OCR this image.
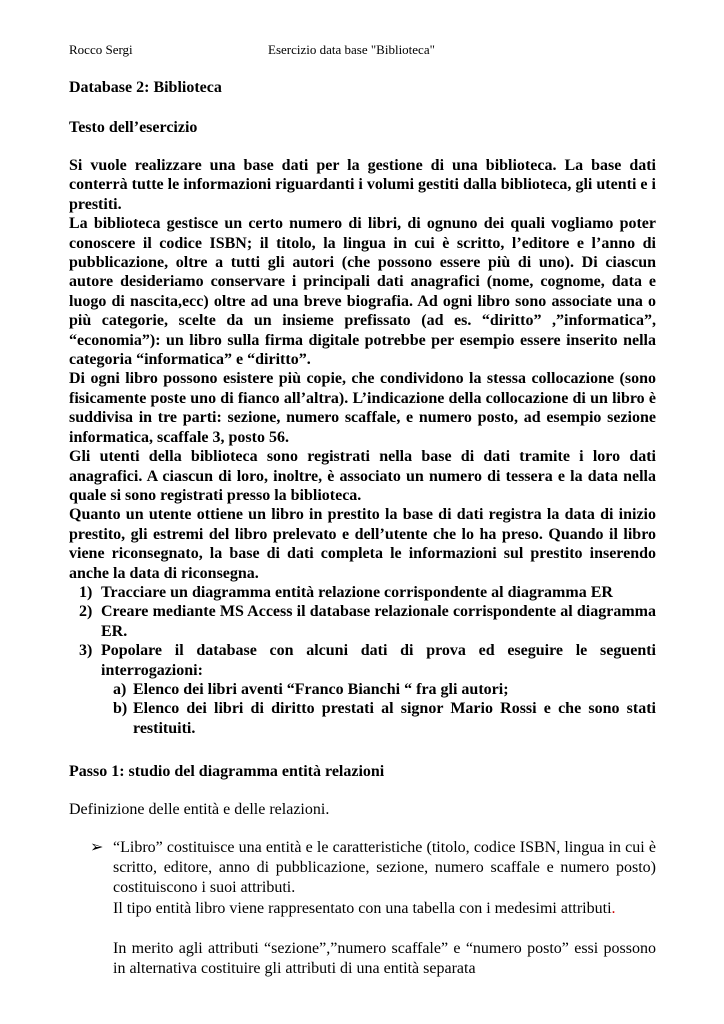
Rocco Sergi	Esercizio data base "Biblioteca"
Database 2: Biblioteca
Testo dell’esercizio

Si vuole realizzare una base dati per la gestione di una biblioteca. La base dati conterrà tutte le informazioni riguardanti i volumi gestiti dalla biblioteca, gli utenti e i prestiti.

La biblioteca gestisce un certo numero di libri, di ognuno dei quali vogliamo poter conoscere il codice ISBN; il titolo, la lingua in cui è scritto, l’editore e l’anno di pubblicazione, oltre a tutti gli autori (che possono essere più di uno). Di ciascun autore desideriamo conservare i principali dati anagrafici (nome, cognome, data e luogo di nascita,ecc) oltre ad una breve biografia. Ad ogni libro sono associate una o più categorie, scelte da un insieme prefissato (ad es. “diritto” ,”informatica”, “economia”): un libro sulla firma digitale potrebbe per esempio essere inserito nella categoria “informatica” e “diritto”.

Di ogni libro possono esistere più copie, che condividono la stessa collocazione (sono fisicamente poste uno di fianco all’altra). L’indicazione della collocazione di un libro è suddivisa in tre parti: sezione, numero scaffale, e numero posto, ad esempio sezione informatica, scaffale 3, posto 56.

Gli utenti della biblioteca sono registrati nella base di dati tramite i loro dati anagrafici. A ciascun di loro, inoltre, è associato un numero di tessera e la data nella quale si sono registrati presso la biblioteca.

Quanto un utente ottiene un libro in prestito la base di dati registra la data di inizio prestito, gli estremi del libro prelevato e dell’utente che lo ha preso. Quando il libro viene riconsegnato, la base di dati completa le informazioni sul prestito inserendo anche la data di riconsegna.

1) Tracciare un diagramma entità relazione corrispondente al diagramma ER
2) Creare mediante MS Access il database relazionale corrispondente al diagramma ER.
3) Popolare il database con alcuni dati di prova ed eseguire le seguenti interrogazioni:
a) Elenco dei libri aventi “Franco Bianchi “ fra gli autori;
b) Elenco dei libri di diritto prestati al signor Mario Rossi e che sono stati restituiti.
Passo 1: studio del diagramma entità relazioni
Definizione delle entità e delle relazioni.
➢ “Libro” costituisce una entità e le caratteristiche (titolo, codice ISBN, lingua in cui è scritto, editore, anno di pubblicazione, sezione, numero scaffale e numero posto) costituiscono i suoi attributi.

Il tipo entità libro viene rappresentato con una tabella con i medesimi attributi.

In merito agli attributi “sezione”,”numero scaffale” e “numero posto” essi possono in alternativa costituire gli attributi di una entità separata
